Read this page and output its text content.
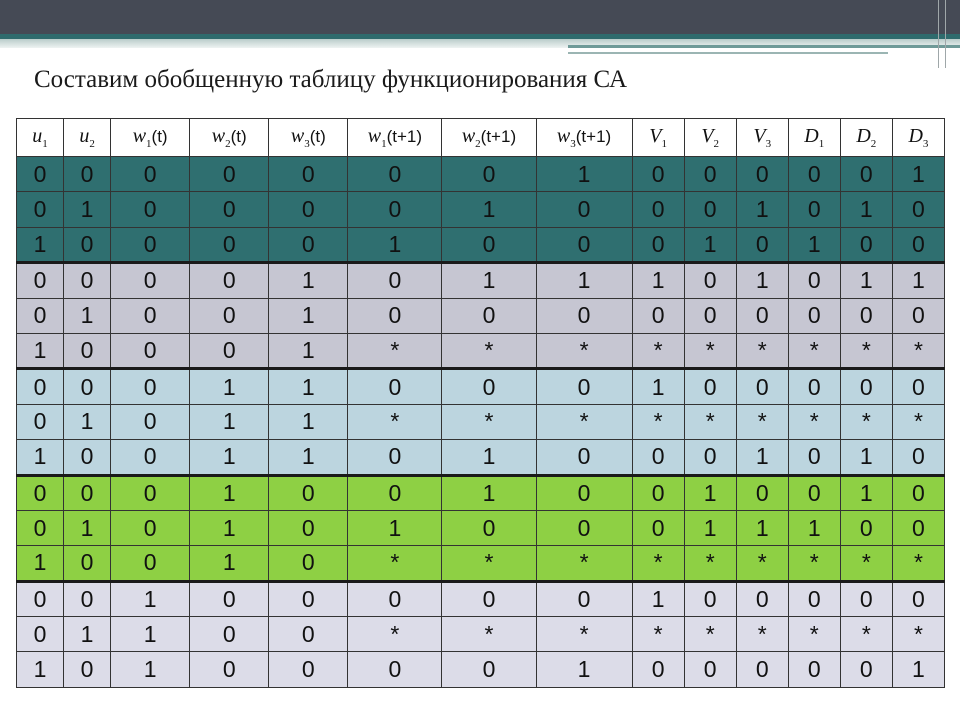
Составим обобщенную таблицу функционирования СА
$u_1$	$u_2$	$w_1(t)$	$w_2(t)$	$w_3(t)$	$w_1(t+1)$	$w_2(t+1)$	$w_3(t+1)$	$V_1$	$V_2$	$V_3$	$D_1$	$D_2$	$D_3$
0	0	0	0	0	0	0	1	0	0	0	0	0	1
0	1	0	0	0	0	1	0	0	0	1	0	1	0
1	0	0	0	0	1	0	0	0	1	0	1	0	0
0	0	0	0	1	0	1	1	1	0	1	0	1	1
0	1	0	0	1	0	0	0	0	0	0	0	0	0
1	0	0	0	1	*	*	*	*	*	*	*	*	*
0	0	0	1	1	0	0	0	1	0	0	0	0	0
0	1	0	1	1	*	*	*	*	*	*	*	*	*
1	0	0	1	1	0	1	0	0	0	1	0	1	0
0	0	0	1	0	0	1	0	0	1	0	0	1	0
0	1	0	1	0	1	0	0	0	1	1	1	0	0
1	0	0	1	0	*	*	*	*	*	*	*	*	*
0	0	1	0	0	0	0	0	1	0	0	0	0	0
0	1	1	0	0	*	*	*	*	*	*	*	*	*
1	0	1	0	0	0	0	1	0	0	0	0	0	1
